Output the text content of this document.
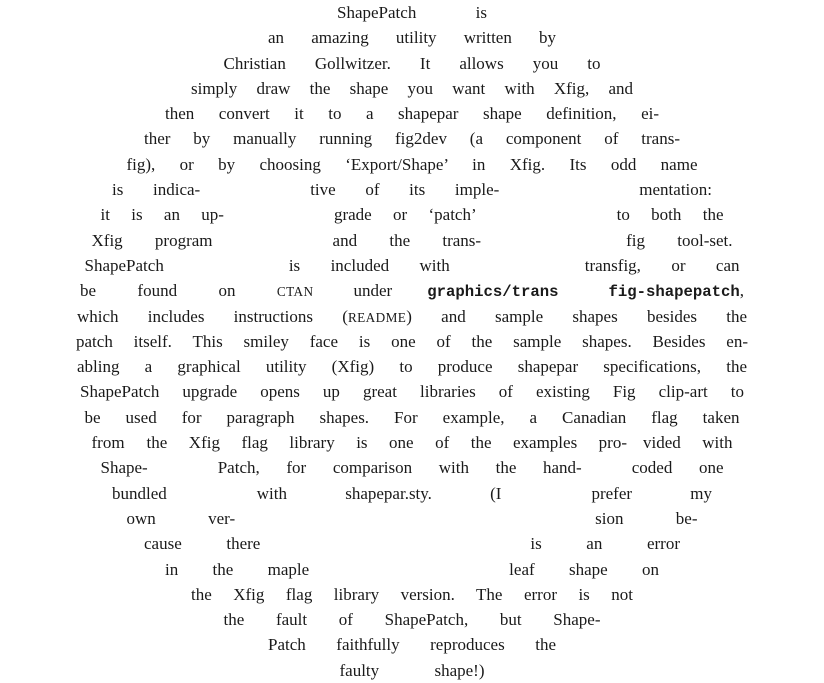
ShapePatch is
an amazing utility written by
Christian Gollwitzer. It allows you to
simply draw the shape you want with Xfig, and
then convert it to a shapepar shape definition, ei-
ther by manually running fig2dev (a component of trans-
fig), or by choosing ‘Export/Shape’ in Xfig. Its odd name
is indica-	tive of its imple-	mentation:
it is an up-	grade or ‘patch’	to both the
Xfig program	and the trans-	fig tool-set.
ShapePatch	is included with	transfig, or can
be found on CTAN under graphics/trans	fig-shapepatch,
which includes instructions (README) and sample shapes besides the
patch itself. This smiley face is one of the sample shapes. Besides en-
abling a graphical utility (Xfig) to produce shapepar specifications, the
ShapePatch upgrade opens up great libraries of existing Fig clip-art to
be used for paragraph shapes. For example, a Canadian flag taken
from the Xfig flag library is one of the examples pro- vided with
Shape-	Patch, for comparison with the hand-	coded one
bundled	with shapepar.sty. (I	prefer my
own ver-	sion be-
cause there	is an error
in the maple	leaf shape on
the Xfig flag library version. The error is not
the fault of ShapePatch, but Shape-
Patch faithfully reproduces the
faulty shape!)
